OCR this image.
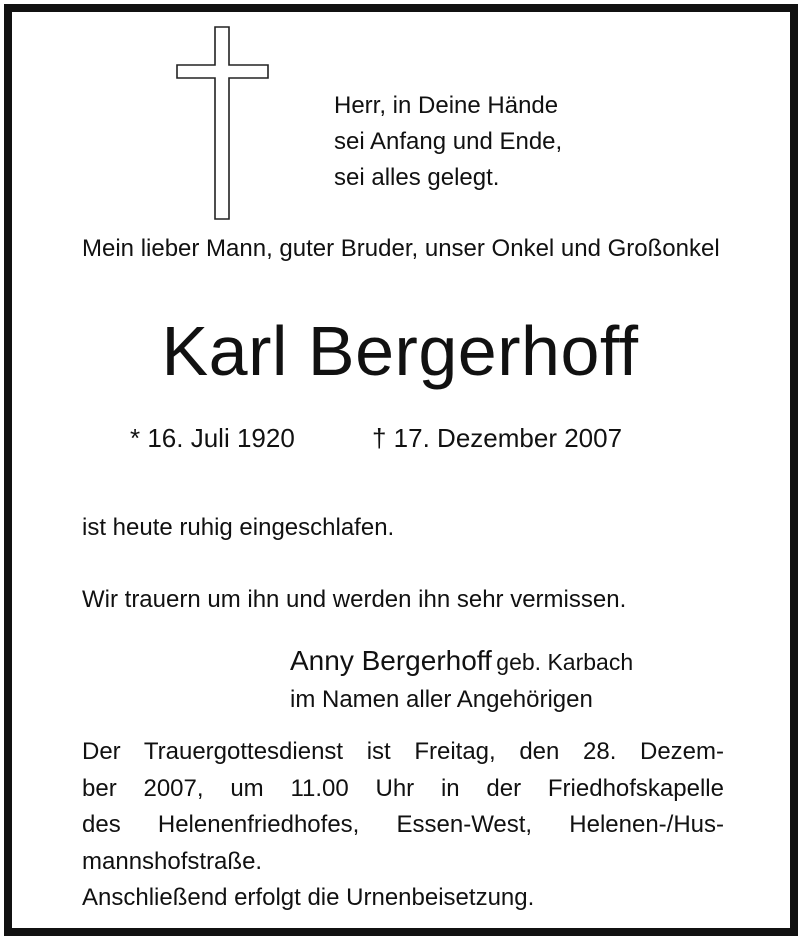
Herr, in Deine Hände
sei Anfang und Ende,
sei alles gelegt.
Mein lieber Mann, guter Bruder, unser Onkel und Großonkel
Karl Bergerhoff
* 16. Juli 1920	† 17. Dezember 2007
ist heute ruhig eingeschlafen.
Wir trauern um ihn und werden ihn sehr vermissen.
Anny Bergerhoff geb. Karbach
im Namen aller Angehörigen
Der Trauergottesdienst ist Freitag, den 28. Dezem-
ber 2007, um 11.00 Uhr in der Friedhofskapelle
des Helenenfriedhofes, Essen-West, Helenen-/Hus-
mannshofstraße.
Anschließend erfolgt die Urnenbeisetzung.
